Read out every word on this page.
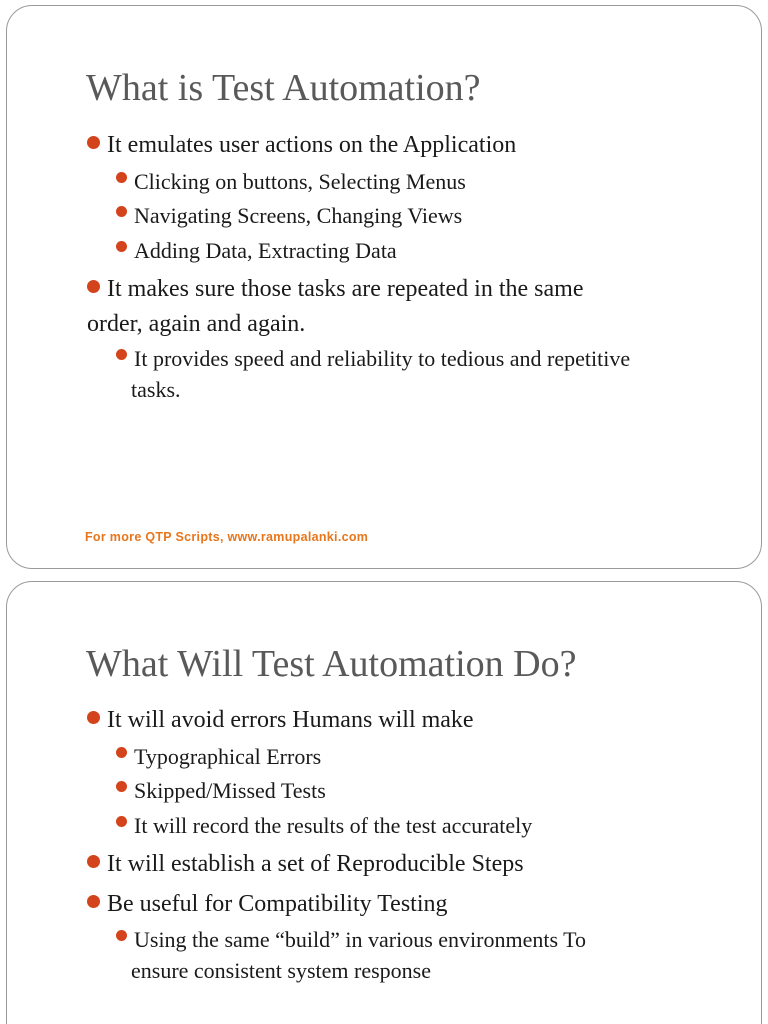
What is Test Automation?
It emulates user actions on the Application
Clicking on buttons, Selecting Menus
Navigating Screens, Changing Views
Adding Data, Extracting Data
It makes sure those tasks are repeated in the same
order, again and again.
It provides speed and reliability to tedious and repetitive
tasks.
For more QTP Scripts, www.ramupalanki.com
What Will Test Automation Do?
It will avoid errors Humans will make
Typographical Errors
Skipped/Missed Tests
It will record the results of the test accurately
It will establish a set of Reproducible Steps
Be useful for Compatibility Testing
Using the same “build” in various environments To
ensure consistent system response
